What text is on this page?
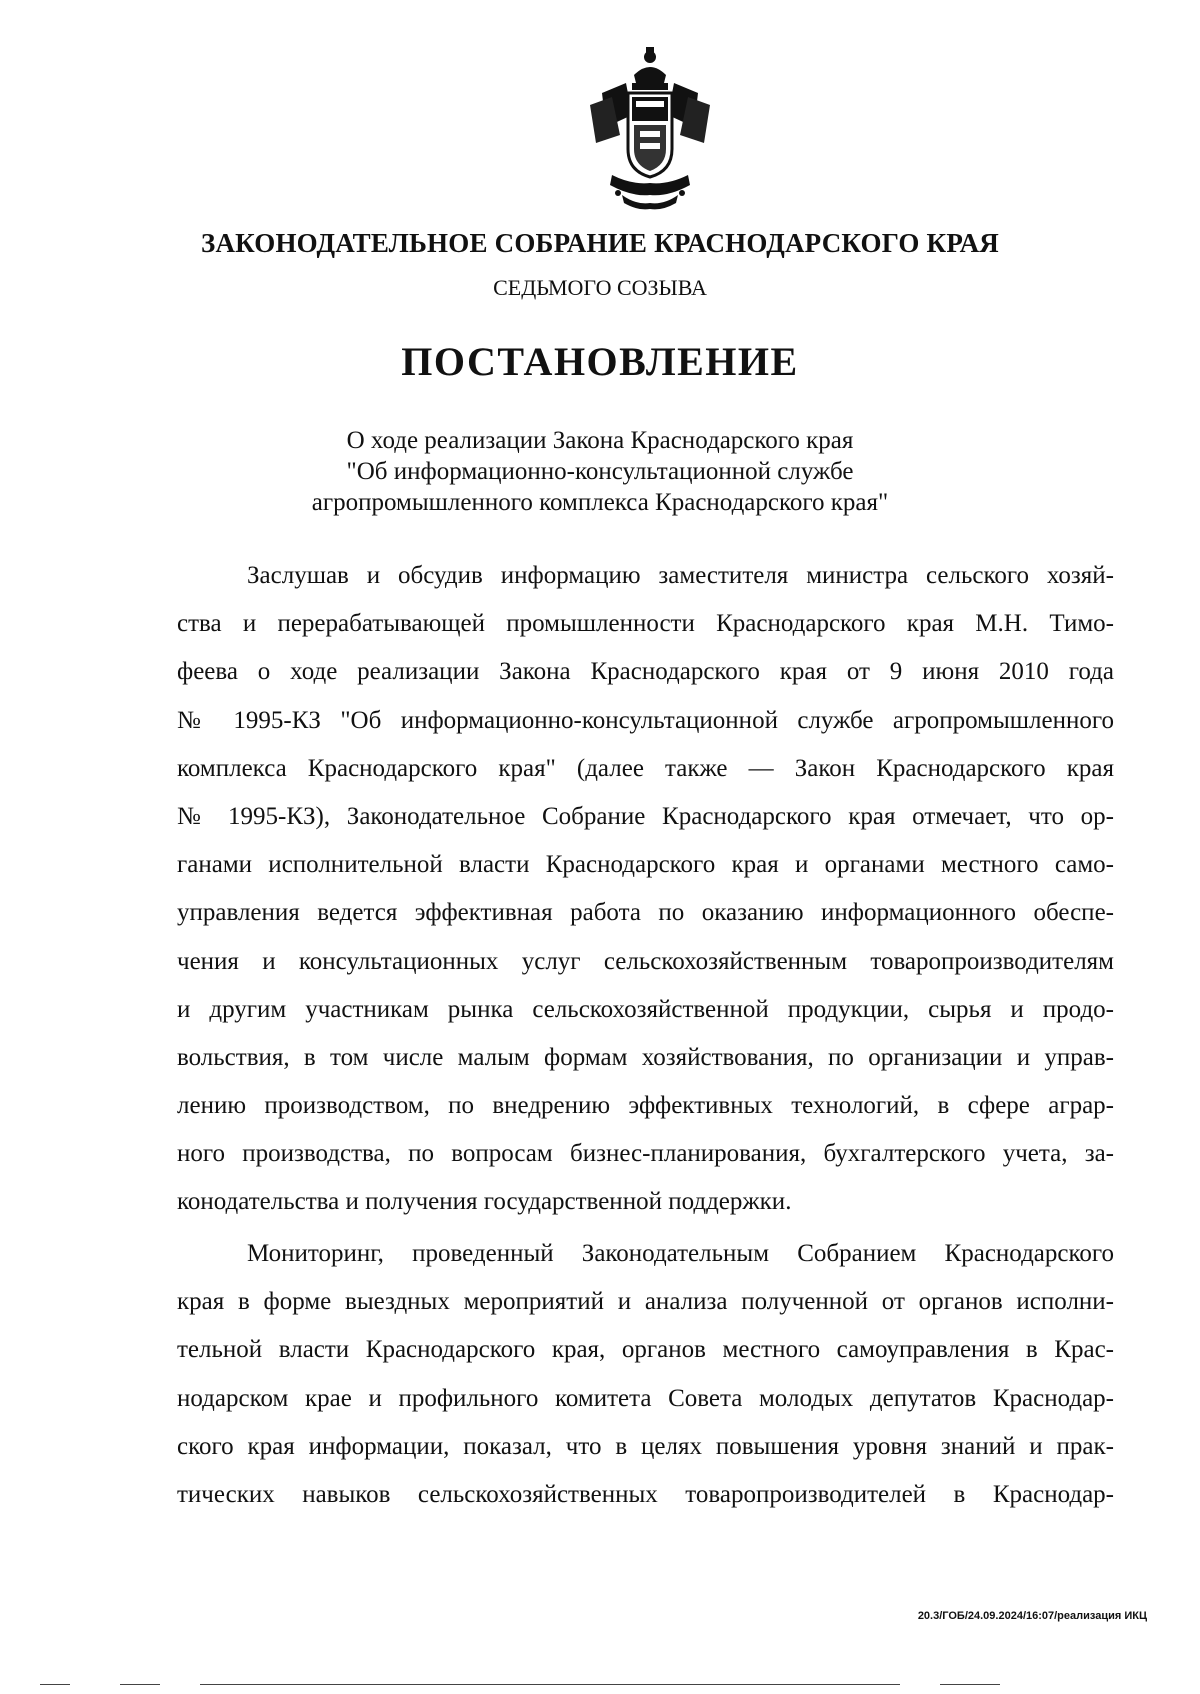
ЗАКОНОДАТЕЛЬНОЕ СОБРАНИЕ КРАСНОДАРСКОГО КРАЯ
СЕДЬМОГО СОЗЫВА
ПОСТАНОВЛЕНИЕ
О ходе реализации Закона Краснодарского края
"Об информационно-консультационной службе
агропромышленного комплекса Краснодарского края"
Заслушав и обсудив информацию заместителя министра сельского хозяй-
ства и перерабатывающей промышленности Краснодарского края М.Н. Тимо-
феева о ходе реализации Закона Краснодарского края от 9 июня 2010 года
№ 1995-КЗ "Об информационно-консультационной службе агропромышленного
комплекса Краснодарского края" (далее также — Закон Краснодарского края
№ 1995-КЗ), Законодательное Собрание Краснодарского края отмечает, что ор-
ганами исполнительной власти Краснодарского края и органами местного само-
управления ведется эффективная работа по оказанию информационного обеспе-
чения и консультационных услуг сельскохозяйственным товаропроизводителям
и другим участникам рынка сельскохозяйственной продукции, сырья и продо-
вольствия, в том числе малым формам хозяйствования, по организации и управ-
лению производством, по внедрению эффективных технологий, в сфере аграр-
ного производства, по вопросам бизнес-планирования, бухгалтерского учета, за-
конодательства и получения государственной поддержки.
Мониторинг, проведенный Законодательным Собранием Краснодарского
края в форме выездных мероприятий и анализа полученной от органов исполни-
тельной власти Краснодарского края, органов местного самоуправления в Крас-
нодарском крае и профильного комитета Совета молодых депутатов Краснодар-
ского края информации, показал, что в целях повышения уровня знаний и прак-
тических навыков сельскохозяйственных товаропроизводителей в Краснодар-
20.3/ГОБ/24.09.2024/16:07/реализация ИКЦ
